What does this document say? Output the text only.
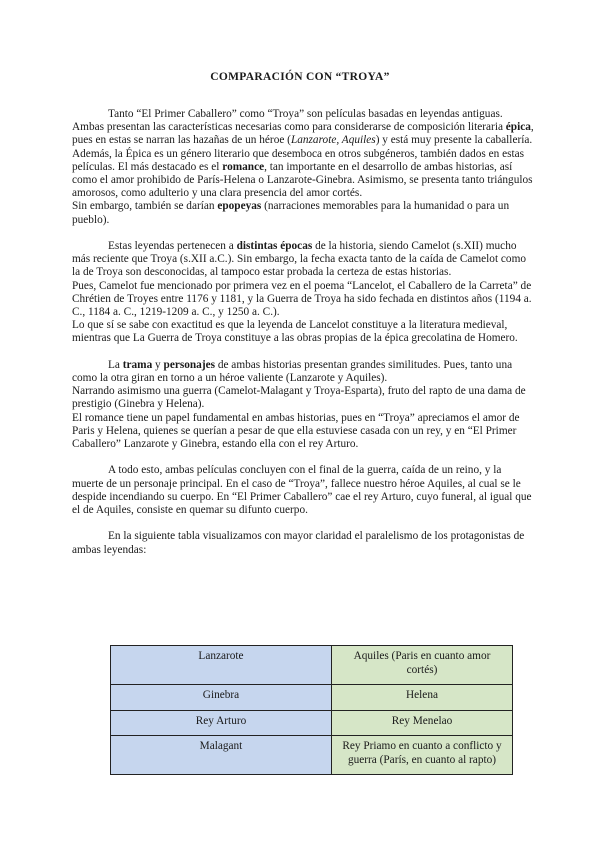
COMPARACIÓN CON “TROYA”

Tanto “El Primer Caballero” como “Troya” son películas basadas en leyendas antiguas. Ambas presentan las características necesarias como para considerarse de composición literaria épica, pues en estas se narran las hazañas de un héroe (Lanzarote, Aquiles) y está muy presente la caballería. Además, la Épica es un género literario que desemboca en otros subgéneros, también dados en estas películas. El más destacado es el romance, tan importante en el desarrollo de ambas historias, así como el amor prohibido de París-Helena o Lanzarote-Ginebra. Asimismo, se presenta tanto triángulos amorosos, como adulterio y una clara presencia del amor cortés.

Sin embargo, también se darían epopeyas (narraciones memorables para la humanidad o para un pueblo).

Estas leyendas pertenecen a distintas épocas de la historia, siendo Camelot (s.XII) mucho más reciente que Troya (s.XII a.C.). Sin embargo, la fecha exacta tanto de la caída de Camelot como la de Troya son desconocidas, al tampoco estar probada la certeza de estas historias.

Pues, Camelot fue mencionado por primera vez en el poema “Lancelot, el Caballero de la Carreta” de Chrétien de Troyes entre 1176 y 1181, y la Guerra de Troya ha sido fechada en distintos años (1194 a. C., 1184 a. C., 1219-1209 a. C., y 1250 a. C.).

Lo que sí se sabe con exactitud es que la leyenda de Lancelot constituye a la literatura medieval, mientras que La Guerra de Troya constituye a las obras propias de la épica grecolatina de Homero.

La trama y personajes de ambas historias presentan grandes similitudes. Pues, tanto una como la otra giran en torno a un héroe valiente (Lanzarote y Aquiles).

Narrando asimismo una guerra (Camelot-Malagant y Troya-Esparta), fruto del rapto de una dama de prestigio (Ginebra y Helena).

El romance tiene un papel fundamental en ambas historias, pues en “Troya” apreciamos el amor de Paris y Helena, quienes se querían a pesar de que ella estuviese casada con un rey, y en “El Primer Caballero” Lanzarote y Ginebra, estando ella con el rey Arturo.

A todo esto, ambas películas concluyen con el final de la guerra, caída de un reino, y la muerte de un personaje principal. En el caso de “Troya”, fallece nuestro héroe Aquiles, al cual se le despide incendiando su cuerpo. En “El Primer Caballero” cae el rey Arturo, cuyo funeral, al igual que el de Aquiles, consiste en quemar su difunto cuerpo.

En la siguiente tabla visualizamos con mayor claridad el paralelismo de los protagonistas de ambas leyendas:

Lanzarote	Aquiles (Paris en cuanto amor cortés)
Ginebra	Helena
Rey Arturo	Rey Menelao
Malagant	Rey Priamo en cuanto a conflicto y guerra (París, en cuanto al rapto)
